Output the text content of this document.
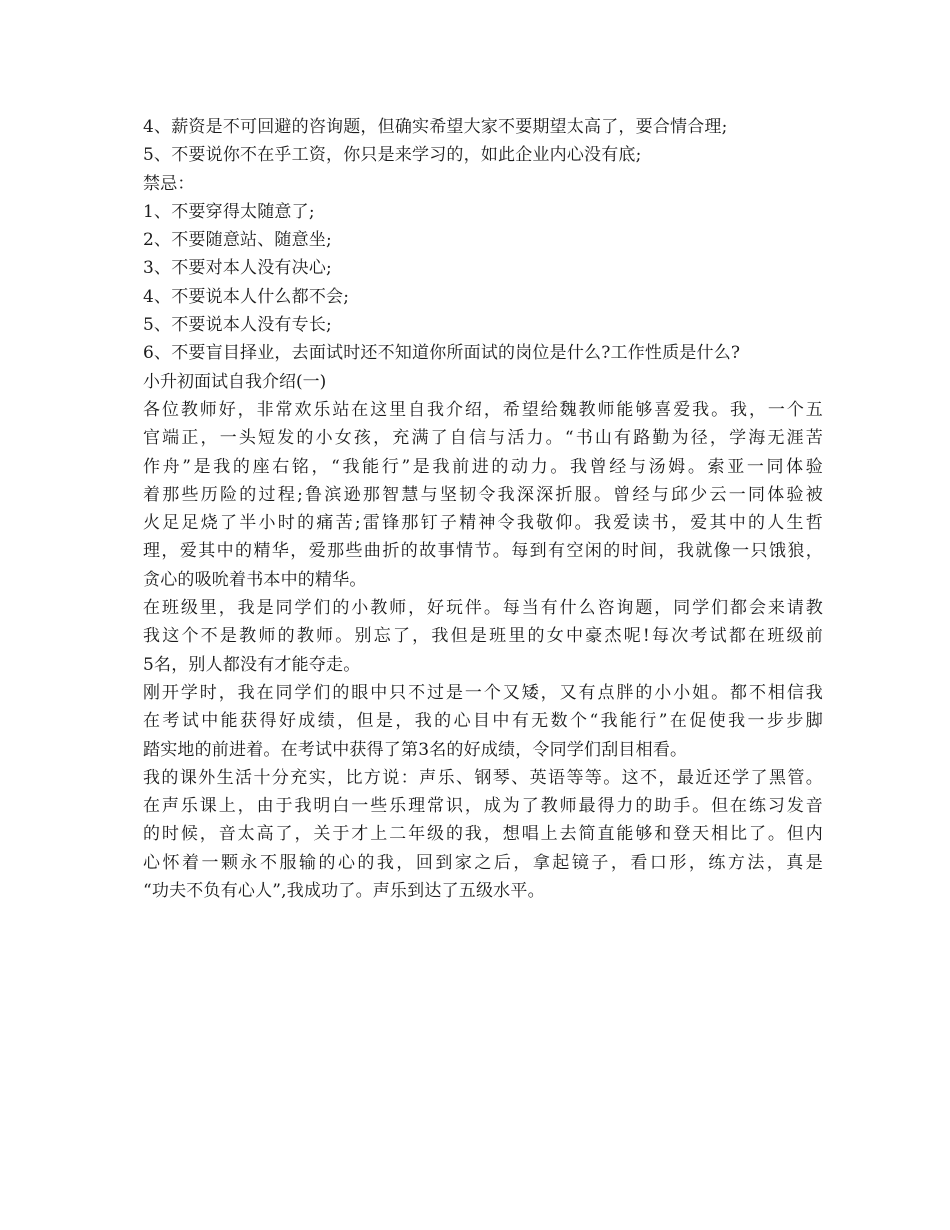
4、薪资是不可回避的咨询题，但确实希望大家不要期望太高了，要合情合理;
5、不要说你不在乎工资，你只是来学习的，如此企业内心没有底;
禁忌：
1、不要穿得太随意了;
2、不要随意站、随意坐;
3、不要对本人没有决心;
4、不要说本人什么都不会;
5、不要说本人没有专长;
6、不要盲目择业，去面试时还不知道你所面试的岗位是什么?工作性质是什么?
小升初面试自我介绍(一)
各位教师好，非常欢乐站在这里自我介绍，希望给魏教师能够喜爱我。我，一个五
官端正，一头短发的小女孩，充满了自信与活力。“书山有路勤为径，学海无涯苦
作舟”是我的座右铭，“我能行”是我前进的动力。我曾经与汤姆。索亚一同体验
着那些历险的过程;鲁滨逊那智慧与坚韧令我深深折服。曾经与邱少云一同体验被
火足足烧了半小时的痛苦;雷锋那钉子精神令我敬仰。我爱读书，爱其中的人生哲
理，爱其中的精华，爱那些曲折的故事情节。每到有空闲的时间，我就像一只饿狼，
贪心的吸吮着书本中的精华。
在班级里，我是同学们的小教师，好玩伴。每当有什么咨询题，同学们都会来请教
我这个不是教师的教师。别忘了，我但是班里的女中豪杰呢!每次考试都在班级前
5名，别人都没有才能夺走。
刚开学时，我在同学们的眼中只不过是一个又矮，又有点胖的小小姐。都不相信我
在考试中能获得好成绩，但是，我的心目中有无数个“我能行”在促使我一步步脚
踏实地的前进着。在考试中获得了第3名的好成绩，令同学们刮目相看。
我的课外生活十分充实，比方说：声乐、钢琴、英语等等。这不，最近还学了黑管。
在声乐课上，由于我明白一些乐理常识，成为了教师最得力的助手。但在练习发音
的时候，音太高了，关于才上二年级的我，想唱上去简直能够和登天相比了。但内
心怀着一颗永不服输的心的我，回到家之后，拿起镜子，看口形，练方法，真是
“功夫不负有心人”,我成功了。声乐到达了五级水平。
